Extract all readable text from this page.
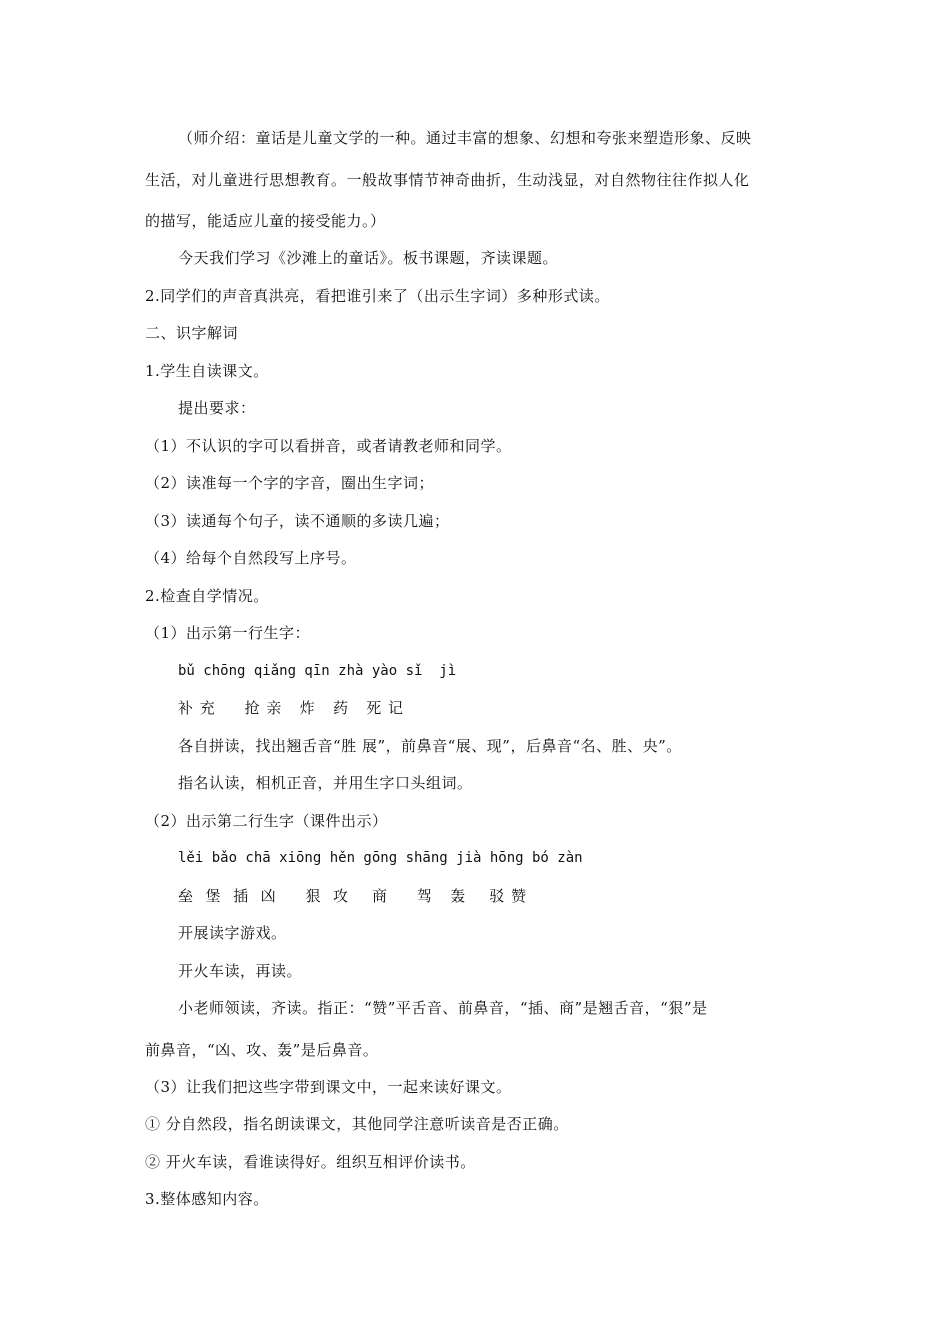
（师介绍：童话是儿童文学的一种。通过丰富的想象、幻想和夸张来塑造形象、反映
生活，对儿童进行思想教育。一般故事情节神奇曲折，生动浅显，对自然物往往作拟人化
的描写，能适应儿童的接受能力。）
今天我们学习《沙滩上的童话》。板书课题，齐读课题。
2.同学们的声音真洪亮，看把谁引来了（出示生字词）多种形式读。
二、识字解词
1.学生自读课文。
提出要求：
（1）不认识的字可以看拼音，或者请教老师和同学。
（2）读准每一个字的字音，圈出生字词；
（3）读通每个句子，读不通顺的多读几遍；
（4）给每个自然段写上序号。
2.检查自学情况。
（1）出示第一行生字：
bǔ chōng qiǎng qīn zhà yào sǐ  jì
补 充     抢 亲   炸   药   死 记
各自拼读，找出翘舌音“胜 展”，前鼻音“展、现”，后鼻音“名、胜、央”。
指名认读，相机正音，并用生字口头组词。
（2）出示第二行生字（课件出示）
lěi bǎo chā xiōng hěn gōng shāng jià hōng bó zàn
垒  堡  插  凶     狠  攻    商     驾   轰    驳 赞
开展读字游戏。
开火车读，再读。
小老师领读，齐读。指正：“赞”平舌音、前鼻音，“插、商”是翘舌音，“狠”是
前鼻音，“凶、攻、轰”是后鼻音。
（3）让我们把这些字带到课文中，一起来读好课文。
① 分自然段，指名朗读课文，其他同学注意听读音是否正确。
② 开火车读，看谁读得好。组织互相评价读书。
3.整体感知内容。
